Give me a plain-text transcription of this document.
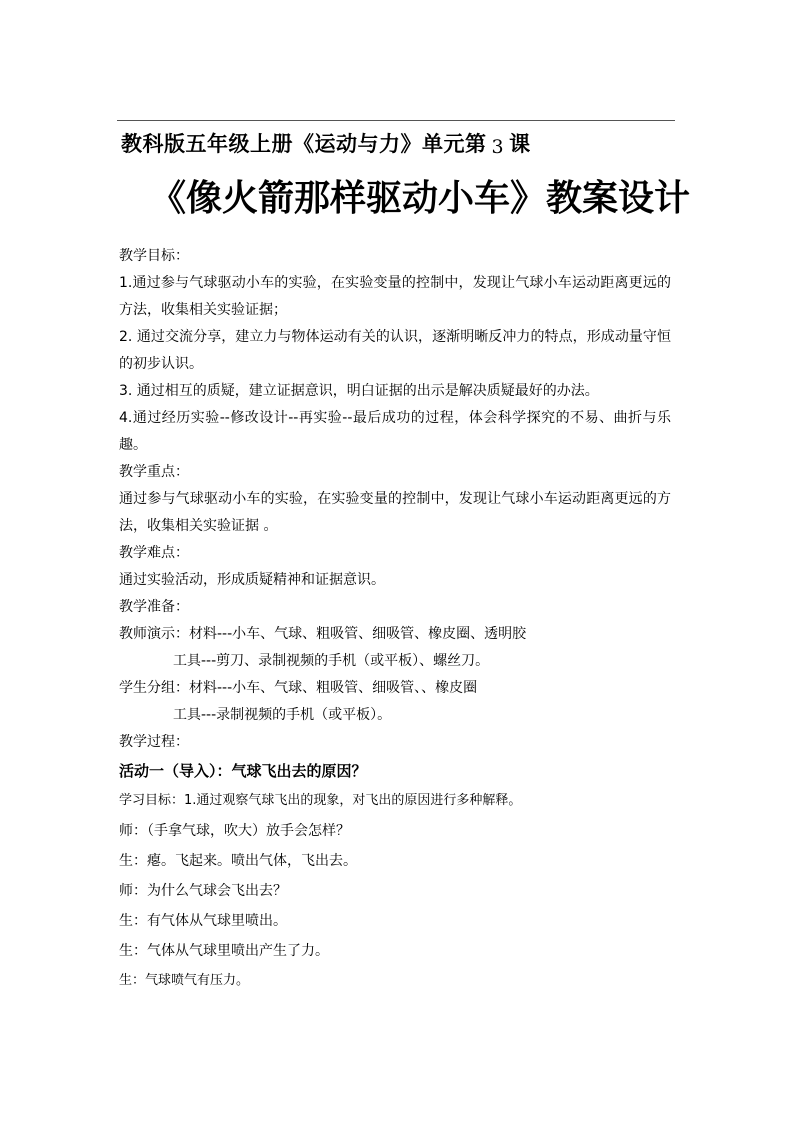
教科版五年级上册《运动与力》单元第 3 课
《像火箭那样驱动小车》教案设计
教学目标：
1.通过参与气球驱动小车的实验，在实验变量的控制中，发现让气球小车运动距离更远的方法，收集相关实验证据；
2. 通过交流分享，建立力与物体运动有关的认识，逐渐明晰反冲力的特点，形成动量守恒的初步认识。
3. 通过相互的质疑，建立证据意识，明白证据的出示是解决质疑最好的办法。
4.通过经历实验--修改设计--再实验--最后成功的过程，体会科学探究的不易、曲折与乐趣。
教学重点：
通过参与气球驱动小车的实验，在实验变量的控制中，发现让气球小车运动距离更远的方法，收集相关实验证据 。
教学难点：
通过实验活动，形成质疑精神和证据意识。
教学准备：
教师演示：材料---小车、气球、粗吸管、细吸管、橡皮圈、透明胶
工具---剪刀、录制视频的手机（或平板）、螺丝刀。
学生分组：材料---小车、气球、粗吸管、细吸管、、橡皮圈
工具---录制视频的手机（或平板）。
教学过程：
活动一（导入）：气球飞出去的原因？
学习目标：1.通过观察气球飞出的现象，对飞出的原因进行多种解释。
师：（手拿气球，吹大）放手会怎样？
生：瘪。飞起来。喷出气体，飞出去。
师：为什么气球会飞出去？
生：有气体从气球里喷出。
生：气体从气球里喷出产生了力。
生：气球喷气有压力。
